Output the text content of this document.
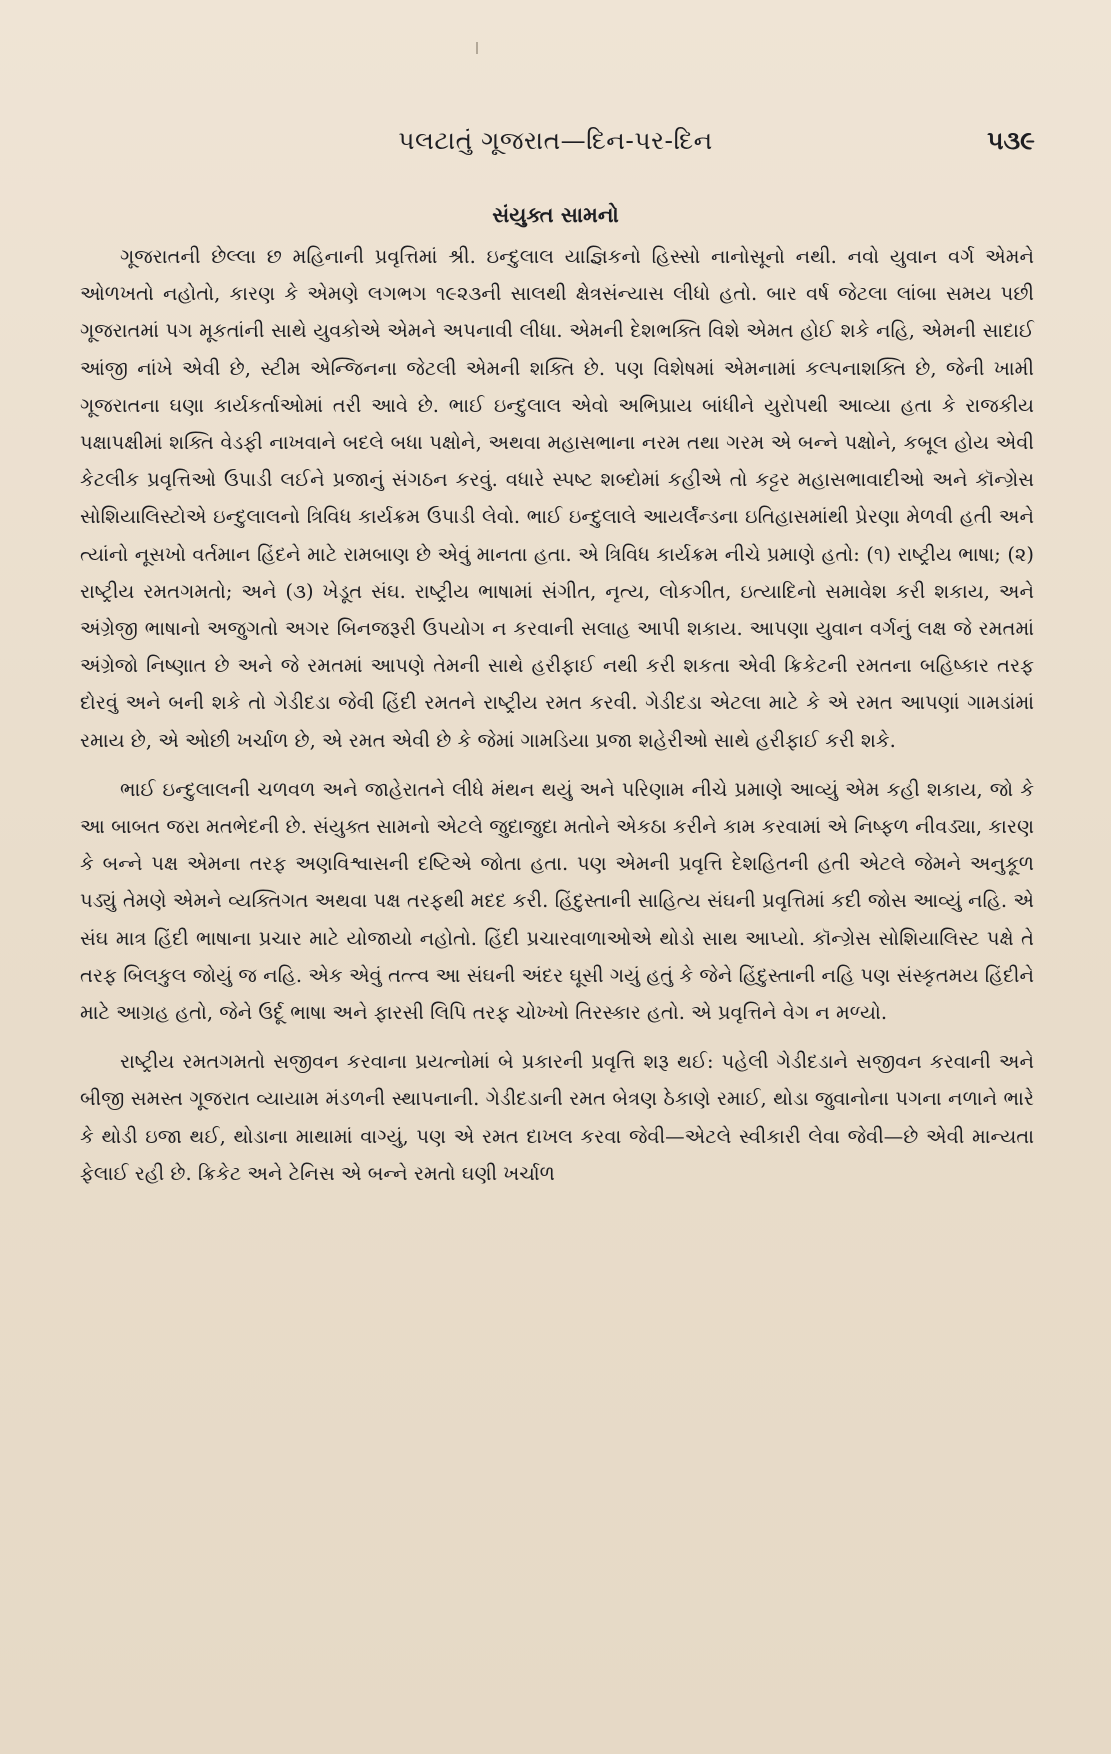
પલટાતું ગૂજરાત—દિન-પર-દિન	૫૩૯
સંયુક્ત સામનો

ગૂજરાતની છેલ્લા છ મહિનાની પ્રવૃત્તિમાં શ્રી. ઇન્દુલાલ યાજ્ઞિકનો હિસ્સો નાનોસૂનો નથી. નવો યુવાન વર્ગ એમને ઓળખતો નહોતો, કારણ કે એમણે લગભગ ૧૯૨૩ની સાલથી ક્ષેત્રસંન્યાસ લીધો હતો. બાર વર્ષ જેટલા લાંબા સમય પછી ગૂજરાતમાં પગ મૂકતાંની સાથે યુવકોએ એમને અપનાવી લીધા. એમની દેશભક્તિ વિશે એમત હોઈ શકે નહિ, એમની સાદાઈ આંજી નાંખે એવી છે, સ્ટીમ એન્જિનના જેટલી એમની શક્તિ છે. પણ વિશેષમાં એમનામાં કલ્પનાશક્તિ છે, જેની ખામી ગૂજરાતના ઘણા કાર્યકર્તાઓમાં તરી આવે છે. ભાઈ ઇન્દુલાલ એવો અભિપ્રાય બાંધીને યુરોપથી આવ્યા હતા કે રાજકીય પક્ષાપક્ષીમાં શક્તિ વેડફી નાખવાને બદલે બધા પક્ષોને, અથવા મહાસભાના નરમ તથા ગરમ એ બન્ને પક્ષોને, કબૂલ હોય એવી કેટલીક પ્રવૃત્તિઓ ઉપાડી લઈને પ્રજાનું સંગઠન કરવું. વધારે સ્પષ્ટ શબ્દોમાં કહીએ તો કટ્ટર મહાસભાવાદીઓ અને કૉન્ગ્રેસ સોશિયાલિસ્ટોએ ઇન્દુલાલનો ત્રિવિધ કાર્યક્રમ ઉપાડી લેવો. ભાઈ ઇન્દુલાલે આયર્લૅન્ડના ઇતિહાસમાંથી પ્રેરણા મેળવી હતી અને ત્યાંનો નૂસખો વર્તમાન હિંદને માટે રામબાણ છે એવું માનતા હતા. એ ત્રિવિધ કાર્યક્રમ નીચે પ્રમાણે હતો: (૧) રાષ્ટ્રીય ભાષા; (૨) રાષ્ટ્રીય રમતગમતો; અને (૩) ખેડૂત સંઘ. રાષ્ટ્રીય ભાષામાં સંગીત, નૃત્ય, લોકગીત, ઇત્યાદિનો સમાવેશ કરી શકાય, અને અંગ્રેજી ભાષાનો અજુગતો અગર બિનજરૂરી ઉપયોગ ન કરવાની સલાહ આપી શકાય. આપણા યુવાન વર્ગનું લક્ષ જે રમતમાં અંગ્રેજો નિષ્ણાત છે અને જે રમતમાં આપણે તેમની સાથે હરીફાઈ નથી કરી શકતા એવી ક્રિકેટની રમતના બહિષ્કાર તરફ દોરવું અને બની શકે તો ગેડીદડા જેવી હિંદી રમતને રાષ્ટ્રીય રમત કરવી. ગેડીદડા એટલા માટે કે એ રમત આપણાં ગામડાંમાં રમાય છે, એ ઓછી ખર્ચાળ છે, એ રમત એવી છે કે જેમાં ગામડિયા પ્રજા શહેરીઓ સાથે હરીફાઈ કરી શકે.

ભાઈ ઇન્દુલાલની ચળવળ અને જાહેરાતને લીધે મંથન થયું અને પરિણામ નીચે પ્રમાણે આવ્યું એમ કહી શકાય, જો કે આ બાબત જરા મતભેદની છે. સંયુક્ત સામનો એટલે જુદાજુદા મતોને એકઠા કરીને કામ કરવામાં એ નિષ્ફળ નીવડ્યા, કારણ કે બન્ને પક્ષ એમના તરફ અણવિશ્વાસની દષ્ટિએ જોતા હતા. પણ એમની પ્રવૃત્તિ દેશહિતની હતી એટલે જેમને અનુકૂળ પડ્યું તેમણે એમને વ્યક્તિગત અથવા પક્ષ તરફથી મદદ કરી. હિંદુસ્તાની સાહિત્ય સંઘની પ્રવૃત્તિમાં કદી જોસ આવ્યું નહિ. એ સંઘ માત્ર હિંદી ભાષાના પ્રચાર માટે યોજાયો નહોતો. હિંદી પ્રચારવાળાઓએ થોડો સાથ આપ્યો. કૉન્ગ્રેસ સોશિયાલિસ્ટ પક્ષે તે તરફ બિલકુલ જોયું જ નહિ. એક એવું તત્ત્વ આ સંઘની અંદર ઘૂસી ગયું હતું કે જેને હિંદુસ્તાની નહિ પણ સંસ્કૃતમય હિંદીને માટે આગ્રહ હતો, જેને ઉર્દૂ ભાષા અને ફારસી લિપિ તરફ ચોખ્ખો તિરસ્કાર હતો. એ પ્રવૃત્તિને વેગ ન મળ્યો.

રાષ્ટ્રીય રમતગમતો સજીવન કરવાના પ્રયત્નોમાં બે પ્રકારની પ્રવૃત્તિ શરૂ થઈ: પહેલી ગેડીદડાને સજીવન કરવાની અને બીજી સમસ્ત ગૂજરાત વ્યાયામ મંડળની સ્થાપનાની. ગેડીદડાની રમત બેત્રણ ઠેકાણે રમાઈ, થોડા જુવાનોના પગના નળાને ભારે કે થોડી ઇજા થઈ, થોડાના માથામાં વાગ્યું, પણ એ રમત દાખલ કરવા જેવી—એટલે સ્વીકારી લેવા જેવી—છે એવી માન્યતા ફેલાઈ રહી છે. ક્રિકેટ અને ટેનિસ એ બન્ને રમતો ઘણી ખર્ચાળ
